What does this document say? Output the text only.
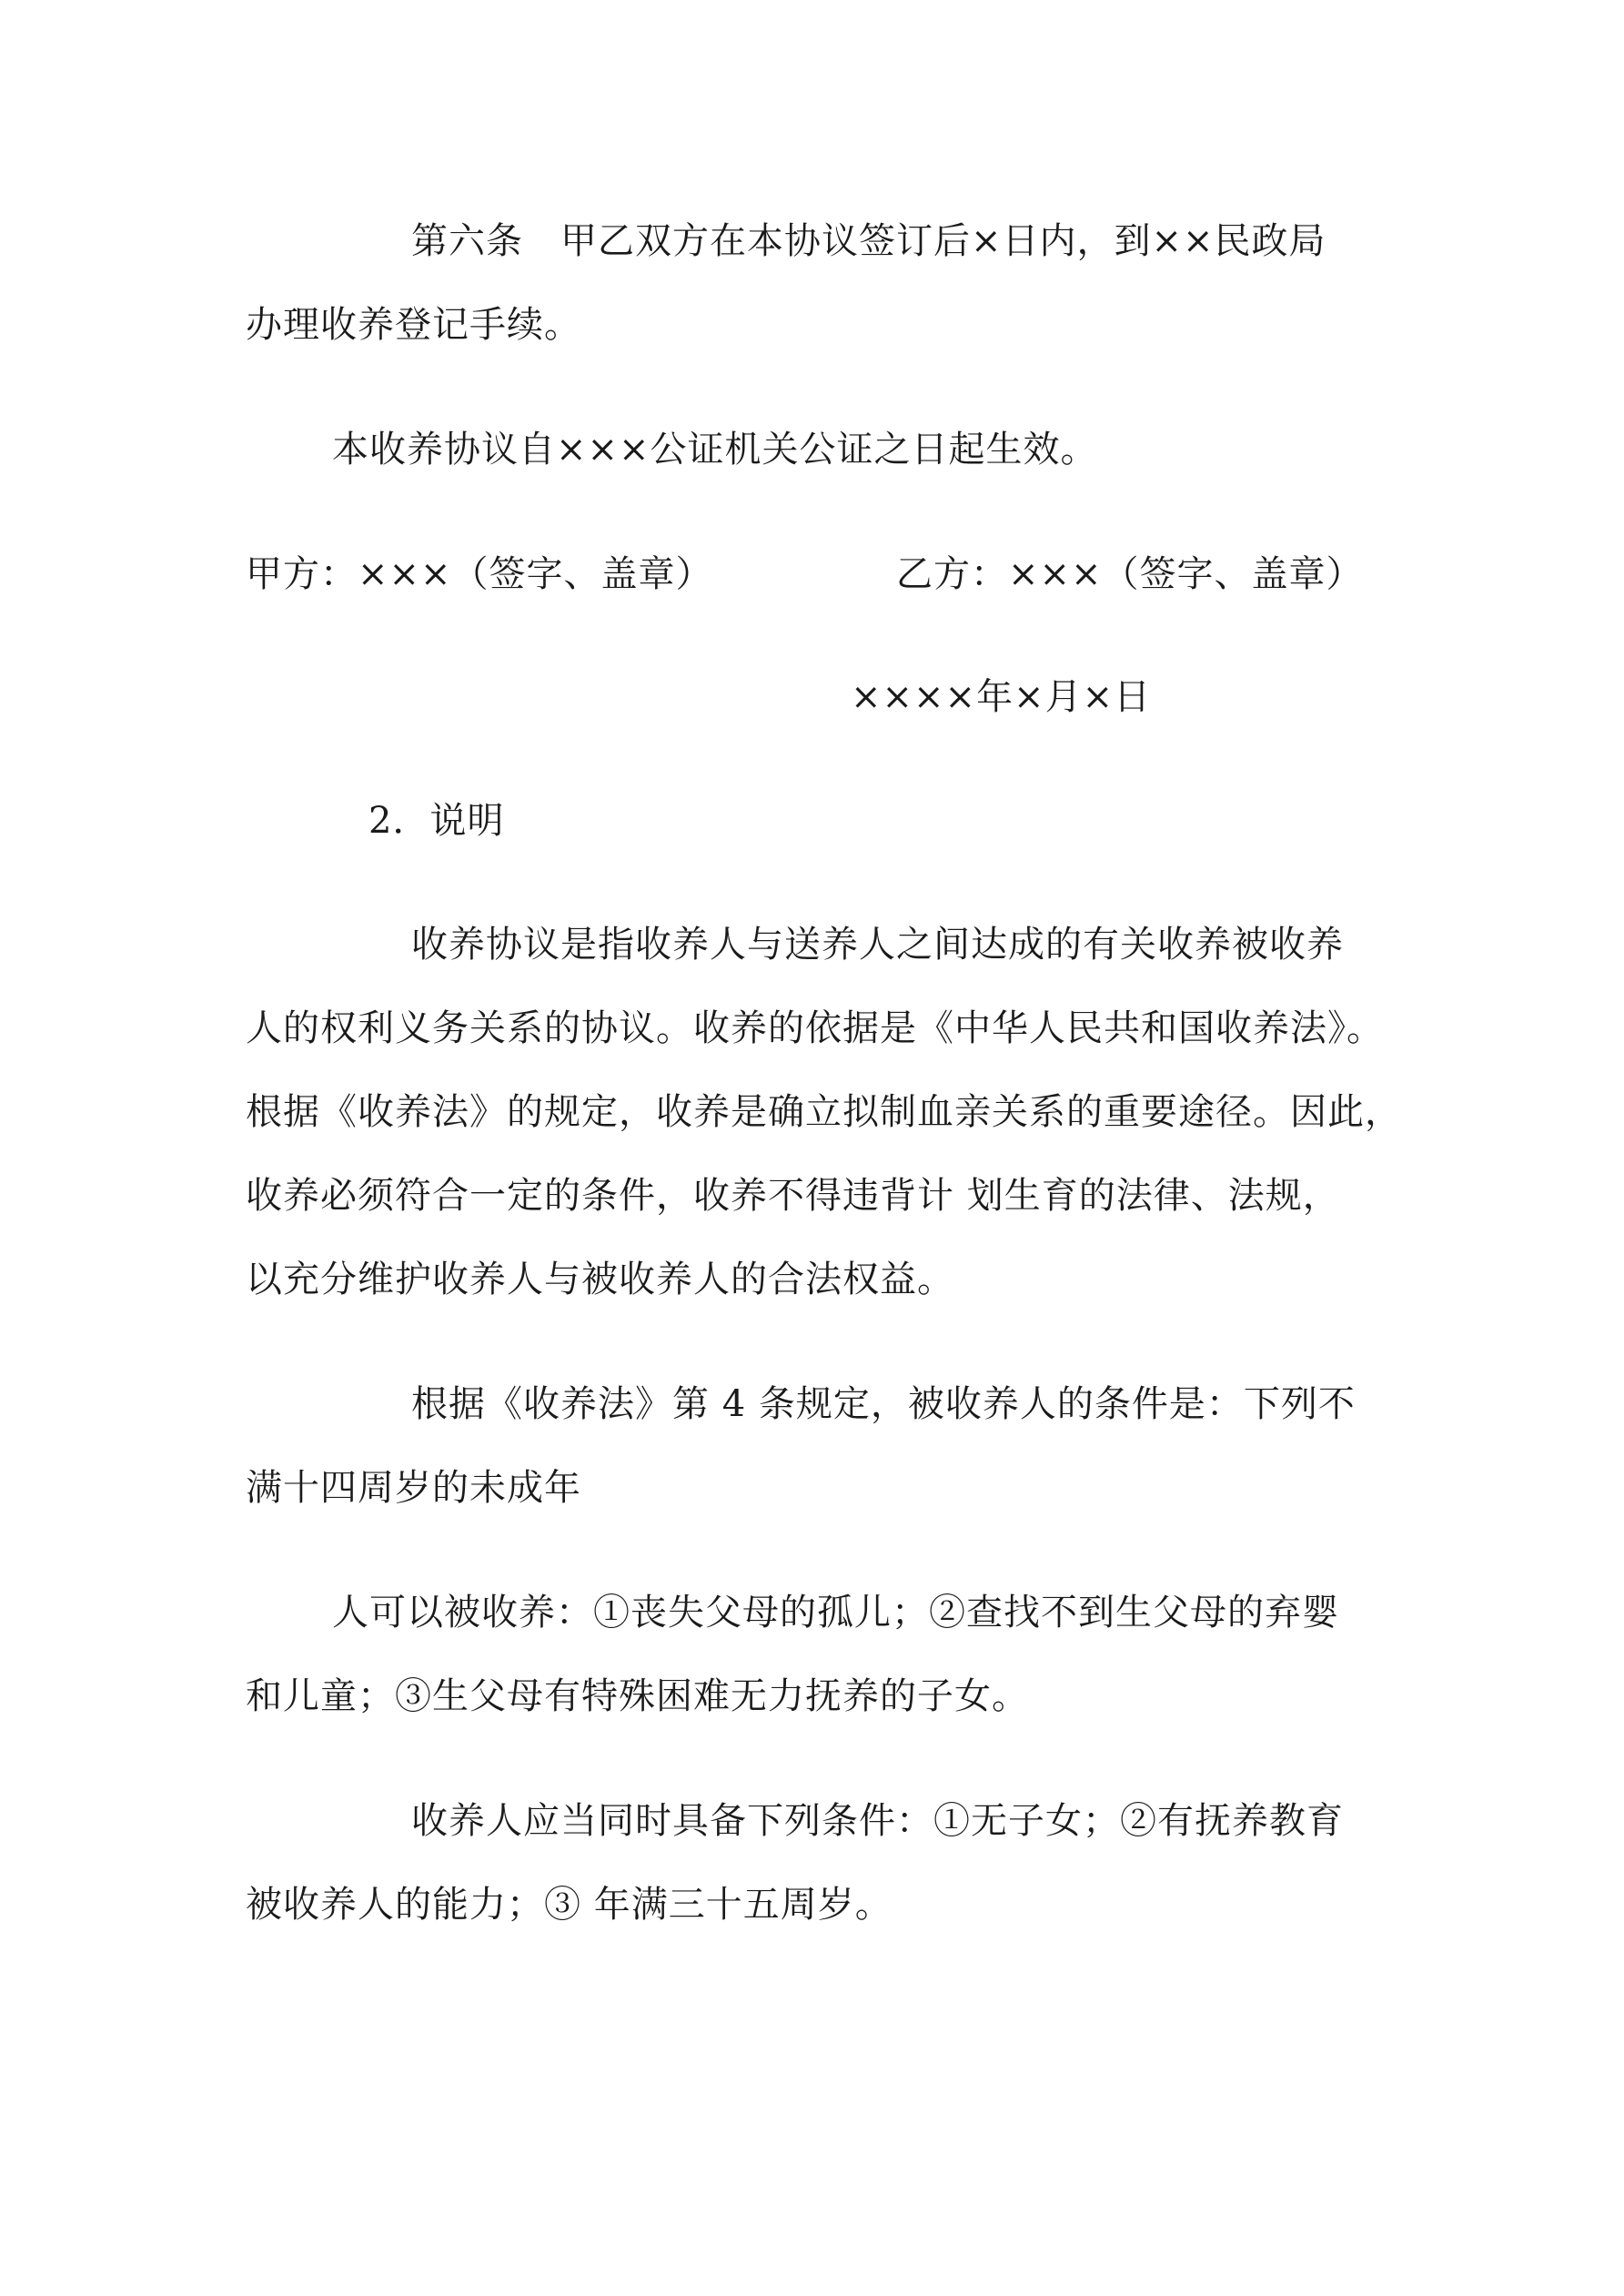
第六条　甲乙双方在本协议签订后×日内，到××民政局
办理收养登记手续。
本收养协议自×××公证机关公证之日起生效。
甲方：×××（签字、盖章）	乙方：×××（签字、盖章）
××××年×月×日
2．说明
收养协议是指收养人与送养人之间达成的有关收养被收养
人的权利义务关系的协议。收养的依据是《中华人民共和国收养法》。
根据《收养法》的规定，收养是确立拟制血亲关系的重要途径。因此，
收养必须符合一定的条件，收养不得违背计 划生育的法律、法规，
以充分维护收养人与被收养人的合法权益。
根据《收养法》第 4 条规定，被收养人的条件是：下列不
满十四周岁的未成年
人可以被收养：①丧失父母的孤儿；②查找不到生父母的弃婴
和儿童；③生父母有特殊困难无力抚养的子女。
收养人应当同时具备下列条件：①无子女；②有抚养教育
被收养人的能力；③ 年满三十五周岁。
